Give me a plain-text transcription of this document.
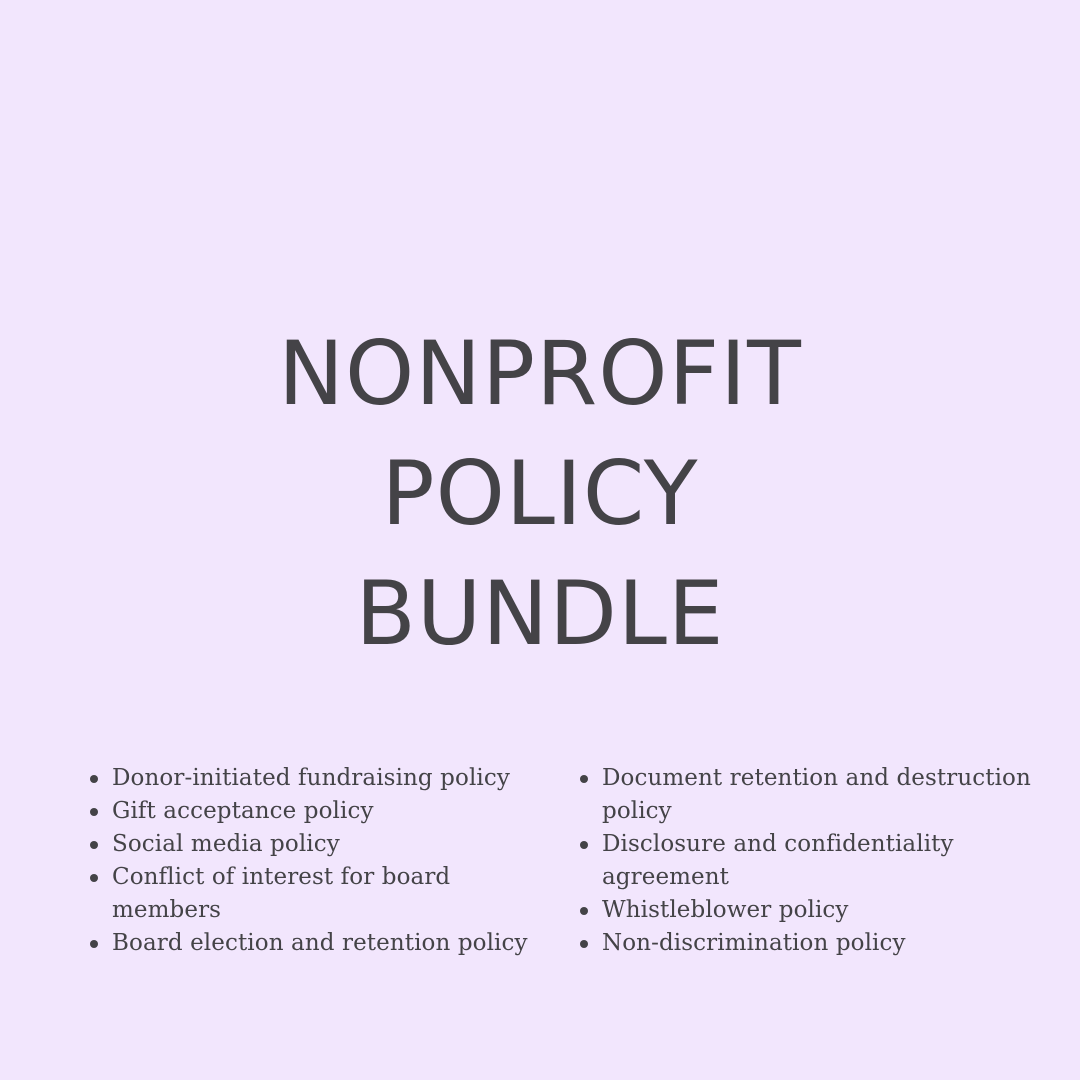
NONPROFIT
POLICY
BUNDLE
Donor-initiated fundraising policy
Gift acceptance policy
Social media policy
Conflict of interest for board members
Board election and retention policy
Document retention and destruction policy
Disclosure and confidentiality agreement
Whistleblower policy
Non-discrimination policy
